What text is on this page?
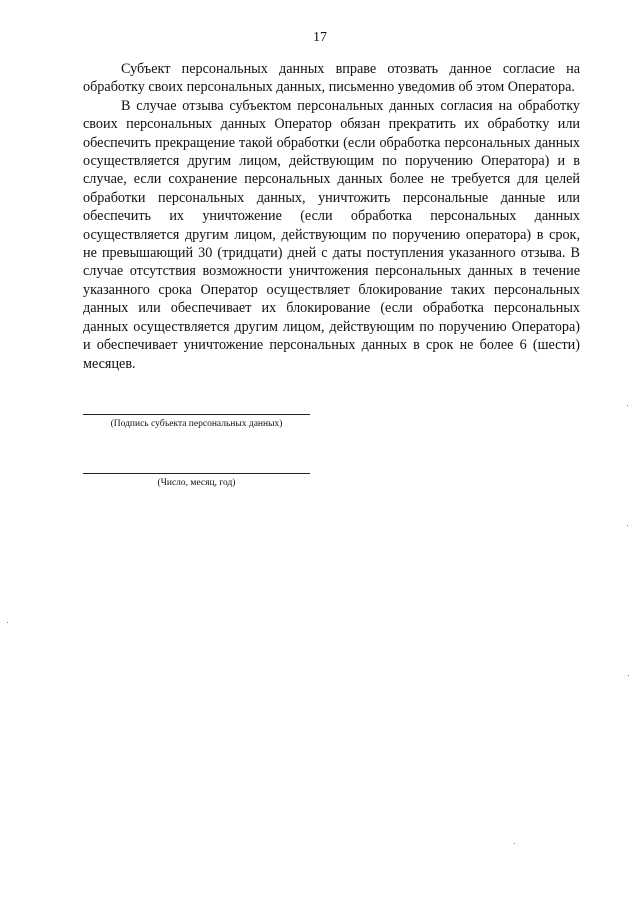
17

Субъект персональных данных вправе отозвать данное согласие на обработку своих персональных данных, письменно уведомив об этом Оператора.

В случае отзыва субъектом персональных данных согласия на обработку своих персональных данных Оператор обязан прекратить их обработку или обеспечить прекращение такой обработки (если обработка персональных данных осуществляется другим лицом, действующим по поручению Оператора) и в случае, если сохранение персональных данных более не требуется для целей обработки персональных данных, уничтожить персональные данные или обеспечить их уничтожение (если обработка персональных данных осуществляется другим лицом, действующим по поручению оператора) в срок, не превышающий 30 (тридцати) дней с даты поступления указанного отзыва. В случае отсутствия возможности уничтожения персональных данных в течение указанного срока Оператор осуществляет блокирование таких персональных данных или обеспечивает их блокирование (если обработка персональных данных осуществляется другим лицом, действующим по поручению Оператора) и обеспечивает уничтожение персональных данных в срок не более 6 (шести) месяцев.

(Подпись субъекта персональных данных)
(Число, месяц, год)
